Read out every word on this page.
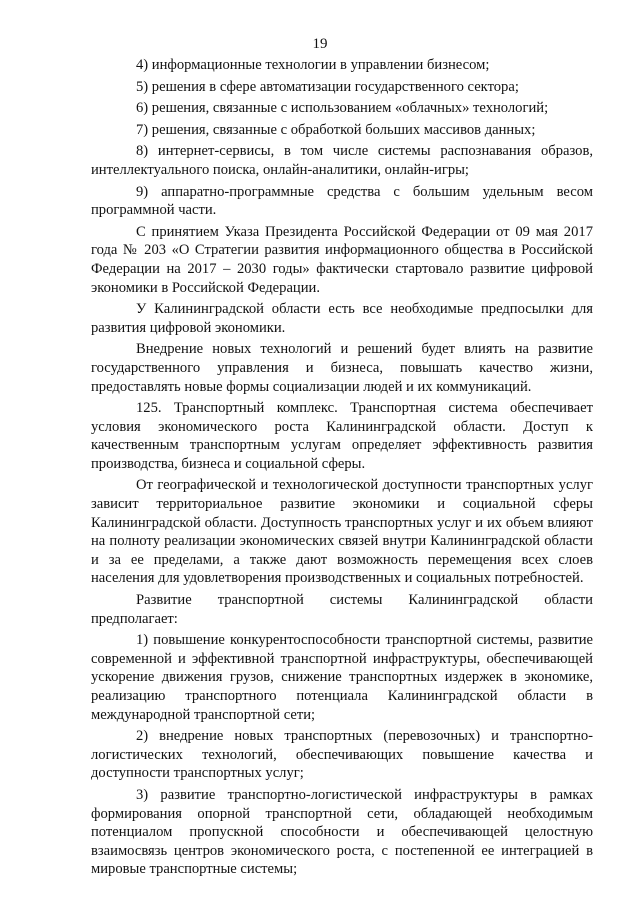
19

4) информационные технологии в управлении бизнесом;

5) решения в сфере автоматизации государственного сектора;

6) решения, связанные с использованием «облачных» технологий;

7) решения, связанные с обработкой больших массивов данных;

8) интернет-сервисы, в том числе системы распознавания образов, интеллектуального поиска, онлайн-аналитики, онлайн-игры;

9) аппаратно-программные средства с большим удельным весом программной части.

С принятием Указа Президента Российской Федерации от 09 мая 2017 года № 203 «О Стратегии развития информационного общества в Российской Федерации на 2017 – 2030 годы» фактически стартовало развитие цифровой экономики в Российской Федерации.

У Калининградской области есть все необходимые предпосылки для развития цифровой экономики.

Внедрение новых технологий и решений будет влиять на развитие государственного управления и бизнеса, повышать качество жизни, предоставлять новые формы социализации людей и их коммуникаций.

125. Транспортный комплекс. Транспортная система обеспечивает условия экономического роста Калининградской области. Доступ к качественным транспортным услугам определяет эффективность развития производства, бизнеса и социальной сферы.

От географической и технологической доступности транспортных услуг зависит территориальное развитие экономики и социальной сферы Калининградской области. Доступность транспортных услуг и их объем влияют на полноту реализации экономических связей внутри Калининградской области и за ее пределами, а также дают возможность перемещения всех слоев населения для удовлетворения производственных и социальных потребностей.

Развитие транспортной системы Калининградской области предполагает:

1) повышение конкурентоспособности транспортной системы, развитие современной и эффективной транспортной инфраструктуры, обеспечивающей ускорение движения грузов, снижение транспортных издержек в экономике, реализацию транспортного потенциала Калининградской области в международной транспортной сети;

2) внедрение новых транспортных (перевозочных) и транспортно-логистических технологий, обеспечивающих повышение качества и доступности транспортных услуг;

3) развитие транспортно-логистической инфраструктуры в рамках формирования опорной транспортной сети, обладающей необходимым потенциалом пропускной способности и обеспечивающей целостную взаимосвязь центров экономического роста, с постепенной ее интеграцией в мировые транспортные системы;
